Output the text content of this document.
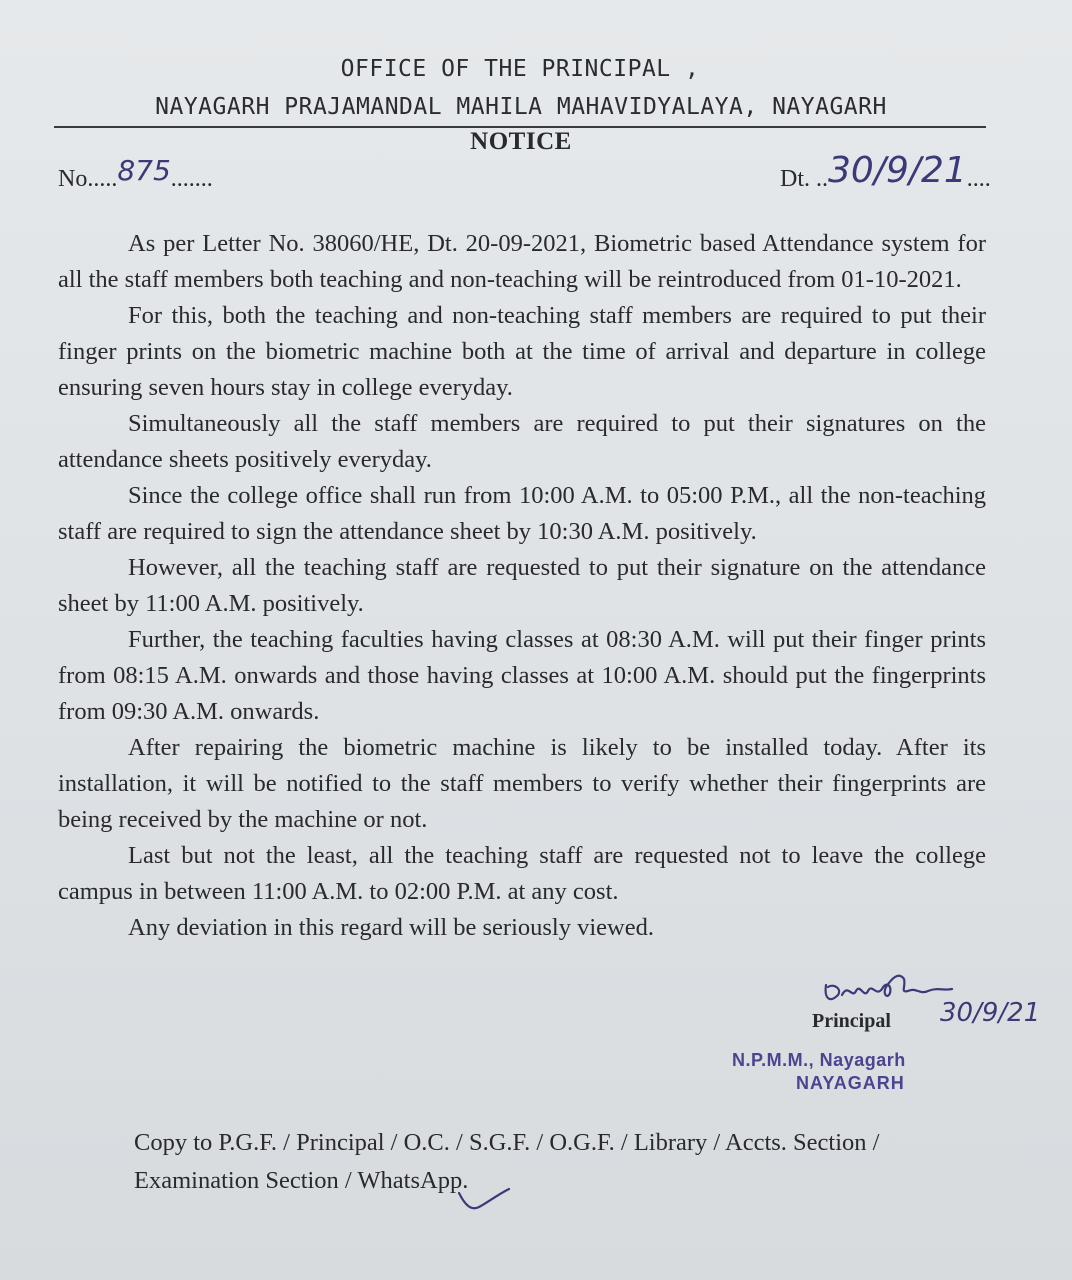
OFFICE OF THE PRINCIPAL ,
NAYAGARH PRAJAMANDAL MAHILA MAHAVIDYALAYA, NAYAGARH
NOTICE
No.....875.......	Dt. ..30/9/21....

As per Letter No. 38060/HE, Dt. 20-09-2021, Biometric based Attendance system for all the staff members both teaching and non-teaching will be reintroduced from 01-10-2021.

For this, both the teaching and non-teaching staff members are required to put their finger prints on the biometric machine both at the time of arrival and departure in college ensuring seven hours stay in college everyday.

Simultaneously all the staff members are required to put their signatures on the attendance sheets positively everyday.

Since the college office shall run from 10:00 A.M. to 05:00 P.M., all the non-teaching staff are required to sign the attendance sheet by 10:30 A.M. positively.

However, all the teaching staff are requested to put their signature on the attendance sheet by 11:00 A.M. positively.

Further, the teaching faculties having classes at 08:30 A.M. will put their finger prints from 08:15 A.M. onwards and those having classes at 10:00 A.M. should put the fingerprints from 09:30 A.M. onwards.

After repairing the biometric machine is likely to be installed today. After its installation, it will be notified to the staff members to verify whether their fingerprints are being received by the machine or not.

Last but not the least, all the teaching staff are requested not to leave the college campus in between 11:00 A.M. to 02:00 P.M. at any cost.

Any deviation in this regard will be seriously viewed.

30/9/21
Principal
N.P.M.M., Nayagarh
NAYAGARH
Copy to P.G.F. / Principal / O.C. / S.G.F. / O.G.F. / Library / Accts. Section / Examination Section / WhatsApp.
